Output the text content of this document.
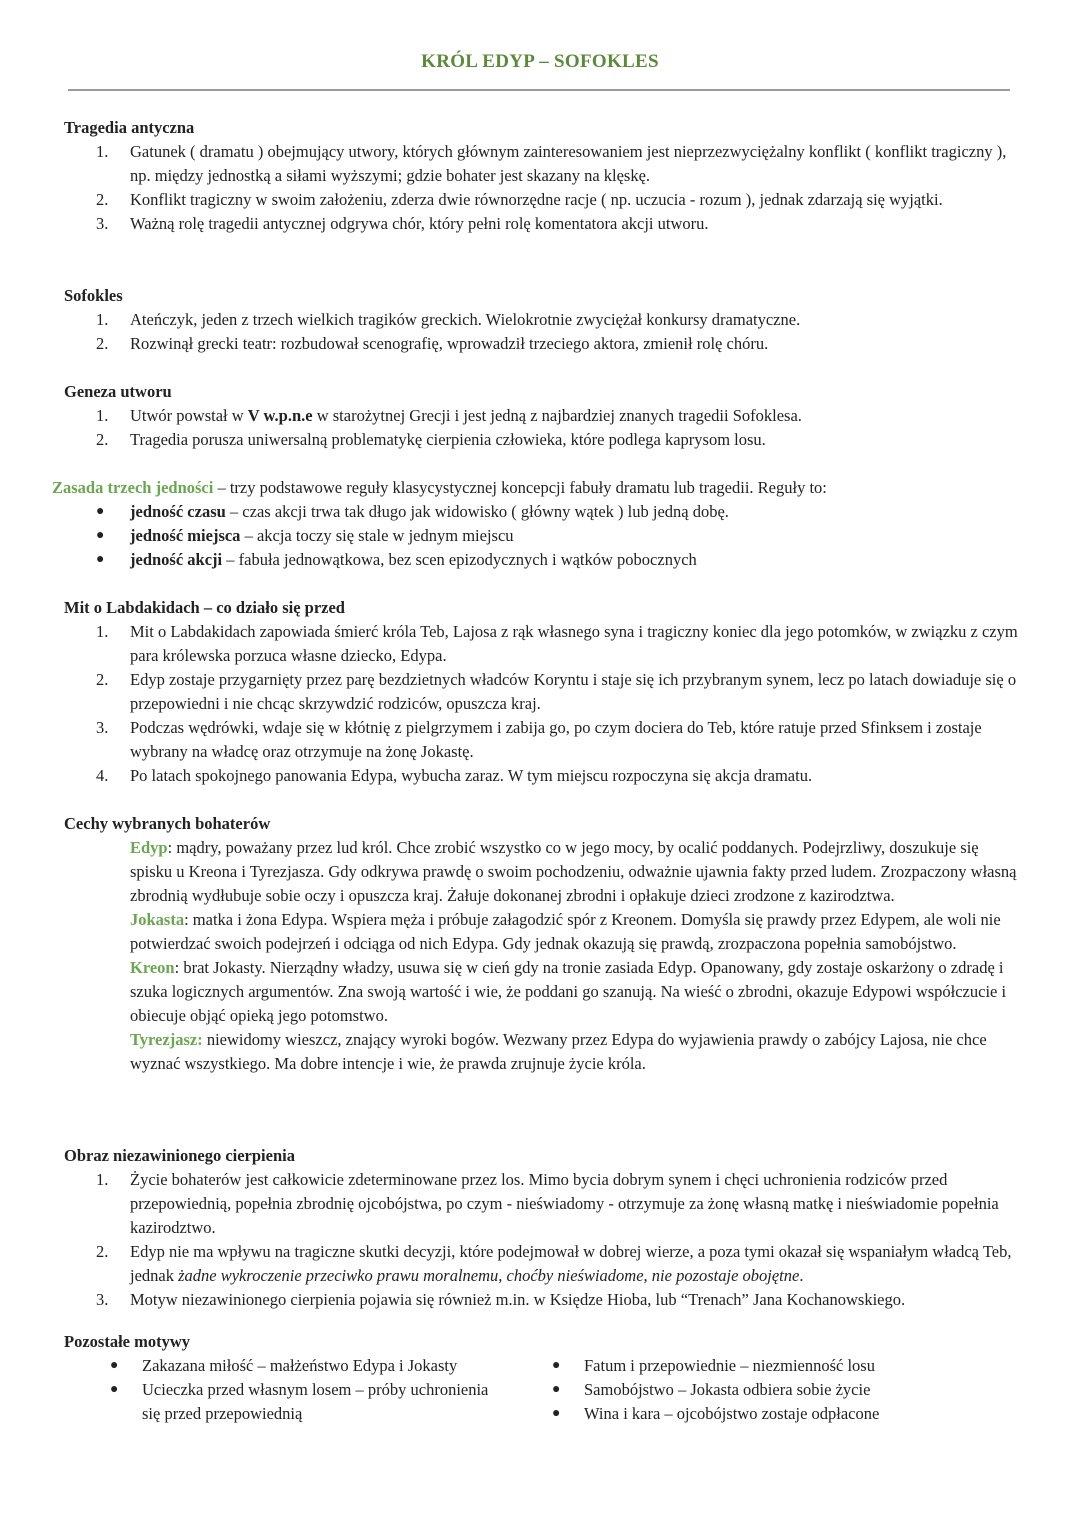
KRÓL EDYP – SOFOKLES

Tragedia antyczna

1.	Gatunek ( dramatu ) obejmujący utwory, których głównym zainteresowaniem jest nieprzezwyciężalny konflikt ( konflikt tragiczny ), np. między jednostką a siłami wyższymi; gdzie bohater jest skazany na klęskę.
2.	Konflikt tragiczny w swoim założeniu, zderza dwie równorzędne racje ( np. uczucia - rozum ), jednak zdarzają się wyjątki.
3.	Ważną rolę tragedii antycznej odgrywa chór, który pełni rolę komentatora akcji utworu.

Sofokles

1.	Ateńczyk, jeden z trzech wielkich tragików greckich. Wielokrotnie zwyciężał konkursy dramatyczne.
2.	Rozwinął grecki teatr: rozbudował scenografię, wprowadził trzeciego aktora, zmienił rolę chóru.

Geneza utworu

1.	Utwór powstał w V w.p.n.e w starożytnej Grecji i jest jedną z najbardziej znanych tragedii Sofoklesa.
2.	Tragedia porusza uniwersalną problematykę cierpienia człowieka, które podlega kaprysom losu.

Zasada trzech jedności – trzy podstawowe reguły klasycystycznej koncepcji fabuły dramatu lub tragedii. Reguły to:

● jedność czasu – czas akcji trwa tak długo jak widowisko ( główny wątek ) lub jedną dobę.
● jedność miejsca – akcja toczy się stale w jednym miejscu
● jedność akcji – fabuła jednowątkowa, bez scen epizodycznych i wątków pobocznych

Mit o Labdakidach – co działo się przed

1.	Mit o Labdakidach zapowiada śmierć króla Teb, Lajosa z rąk własnego syna i tragiczny koniec dla jego potomków, w związku z czym para królewska porzuca własne dziecko, Edypa.
2.	Edyp zostaje przygarnięty przez parę bezdzietnych władców Koryntu i staje się ich przybranym synem, lecz po latach dowiaduje się o przepowiedni i nie chcąc skrzywdzić rodziców, opuszcza kraj.
3.	Podczas wędrówki, wdaje się w kłótnię z pielgrzymem i zabija go, po czym dociera do Teb, które ratuje przed Sfinksem i zostaje wybrany na władcę oraz otrzymuje na żonę Jokastę.
4.	Po latach spokojnego panowania Edypa, wybucha zaraz. W tym miejscu rozpoczyna się akcja dramatu.

Cechy wybranych bohaterów

Edyp: mądry, poważany przez lud król. Chce zrobić wszystko co w jego mocy, by ocalić poddanych. Podejrzliwy, doszukuje się spisku u Kreona i Tyrezjasza. Gdy odkrywa prawdę o swoim pochodzeniu, odważnie ujawnia fakty przed ludem. Zrozpaczony własną zbrodnią wydłubuje sobie oczy i opuszcza kraj. Żałuje dokonanej zbrodni i opłakuje dzieci zrodzone z kazirodztwa.

Jokasta: matka i żona Edypa. Wspiera męża i próbuje załagodzić spór z Kreonem. Domyśla się prawdy przez Edypem, ale woli nie potwierdzać swoich podejrzeń i odciąga od nich Edypa. Gdy jednak okazują się prawdą, zrozpaczona popełnia samobójstwo.

Kreon: brat Jokasty. Nierządny władzy, usuwa się w cień gdy na tronie zasiada Edyp. Opanowany, gdy zostaje oskarżony o zdradę i szuka logicznych argumentów. Zna swoją wartość i wie, że poddani go szanują. Na wieść o zbrodni, okazuje Edypowi współczucie i obiecuje objąć opieką jego potomstwo.

Tyrezjasz: niewidomy wieszcz, znający wyroki bogów. Wezwany przez Edypa do wyjawienia prawdy o zabójcy Lajosa, nie chce wyznać wszystkiego. Ma dobre intencje i wie, że prawda zrujnuje życie króla.

Obraz niezawinionego cierpienia

1.	Życie bohaterów jest całkowicie zdeterminowane przez los. Mimo bycia dobrym synem i chęci uchronienia rodziców przed przepowiednią, popełnia zbrodnię ojcobójstwa, po czym - nieświadomy - otrzymuje za żonę własną matkę i nieświadomie popełnia kazirodztwo.
2.	Edyp nie ma wpływu na tragiczne skutki decyzji, które podejmował w dobrej wierze, a poza tymi okazał się wspaniałym władcą Teb, jednak żadne wykroczenie przeciwko prawu moralnemu, choćby nieświadome, nie pozostaje obojętne.
3.	Motyw niezawinionego cierpienia pojawia się również m.in. w Księdze Hioba, lub “Trenach” Jana Kochanowskiego.

Pozostałe motywy

● Zakazana miłość – małżeństwo Edypa i Jokasty
● Ucieczka przed własnym losem – próby uchronienia się przed przepowiednią
● Fatum i przepowiednie – niezmienność losu
● Samobójstwo – Jokasta odbiera sobie życie
● Wina i kara – ojcobójstwo zostaje odpłacone
